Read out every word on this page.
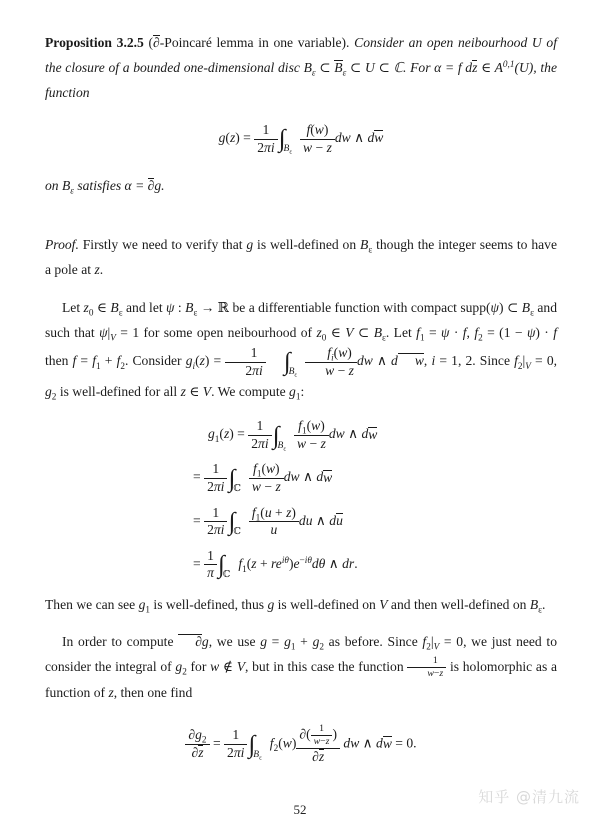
Proposition 3.2.5 (∂-Poincaré lemma in one variable). Consider an open neibourhood U of the closure of a bounded one-dimensional disc $B_\varepsilon$ ⊂ $B_\varepsilon$ ⊂ U ⊂ ℂ. For α = f dz ∈ A$^{0,1}$(U), the function

$g(z) = \frac{1}{2\pi i} \int_{B_\varepsilon} \frac{f(w)}{w - z}$ dw ∧ dw

on $B_\varepsilon$ satisfies α = ∂g.

Proof. Firstly we need to verify that g is well-defined on $B_\varepsilon$ though the integer seems to have a pole at z.

Let $z_0$ ∈ $B_\varepsilon$ and let ψ : $B_\varepsilon$ → ℝ be a differentiable function with compact supp(ψ) ⊂ $B_\varepsilon$ and such that $\psi|_V = 1$ for some open neibourhood of $z_0$ ∈ V ⊂ $B_\varepsilon$. Let $f_1 = \psi \cdot f$, $f_2 = (1 - \psi) \cdot f$ then $f = f_1 + f_2$. Consider $g_i(z) = \frac{1}{2\pi i} \int_{B_\varepsilon} \frac{f_i(w)}{w - z}$ dw ∧ d w, i = 1, 2. Since $f_2|_V = 0$, $g_2$ is well-defined for all z ∈ V. We compute $g_1$:

$g_1(z) = \frac{1}{2\pi i} \int_{B_\varepsilon} \frac{f_1(w)}{w - z}$ dw ∧ dw
= $\frac{1}{2\pi i} \int_ℂ \frac{f_1(w)}{w - z}$ dw ∧ dw
= $\frac{1}{2\pi i} \int_ℂ \frac{f_1(u + z)}{u}$ du ∧ du
= $\frac{1}{\pi} \int_ℂf_1(z + re^{i\theta})e^{-i\theta}d\theta$ ∧ dr.

Then we can see $g_1$ is well-defined, thus g is well-defined on V and then well-defined on $B_\varepsilon$.

In order to compute ∂g, we use $g = g_1 + g_2$ as before. Since $f_2|_V = 0$, we just need to consider the integral of $g_2$ for w ∉ V, but in this case the function $\frac{1}{w-z}$ is holomorphic as a function of z, then one find

$\frac{\partial g_2}{\partial z} = \frac{1}{2\pi i} \int_{B_\varepsilon}f_2(w) \frac{\partial( \frac{1}{w-z} )}{\partial z}$ dw ∧ dw = 0.
知乎 @清九流
52
